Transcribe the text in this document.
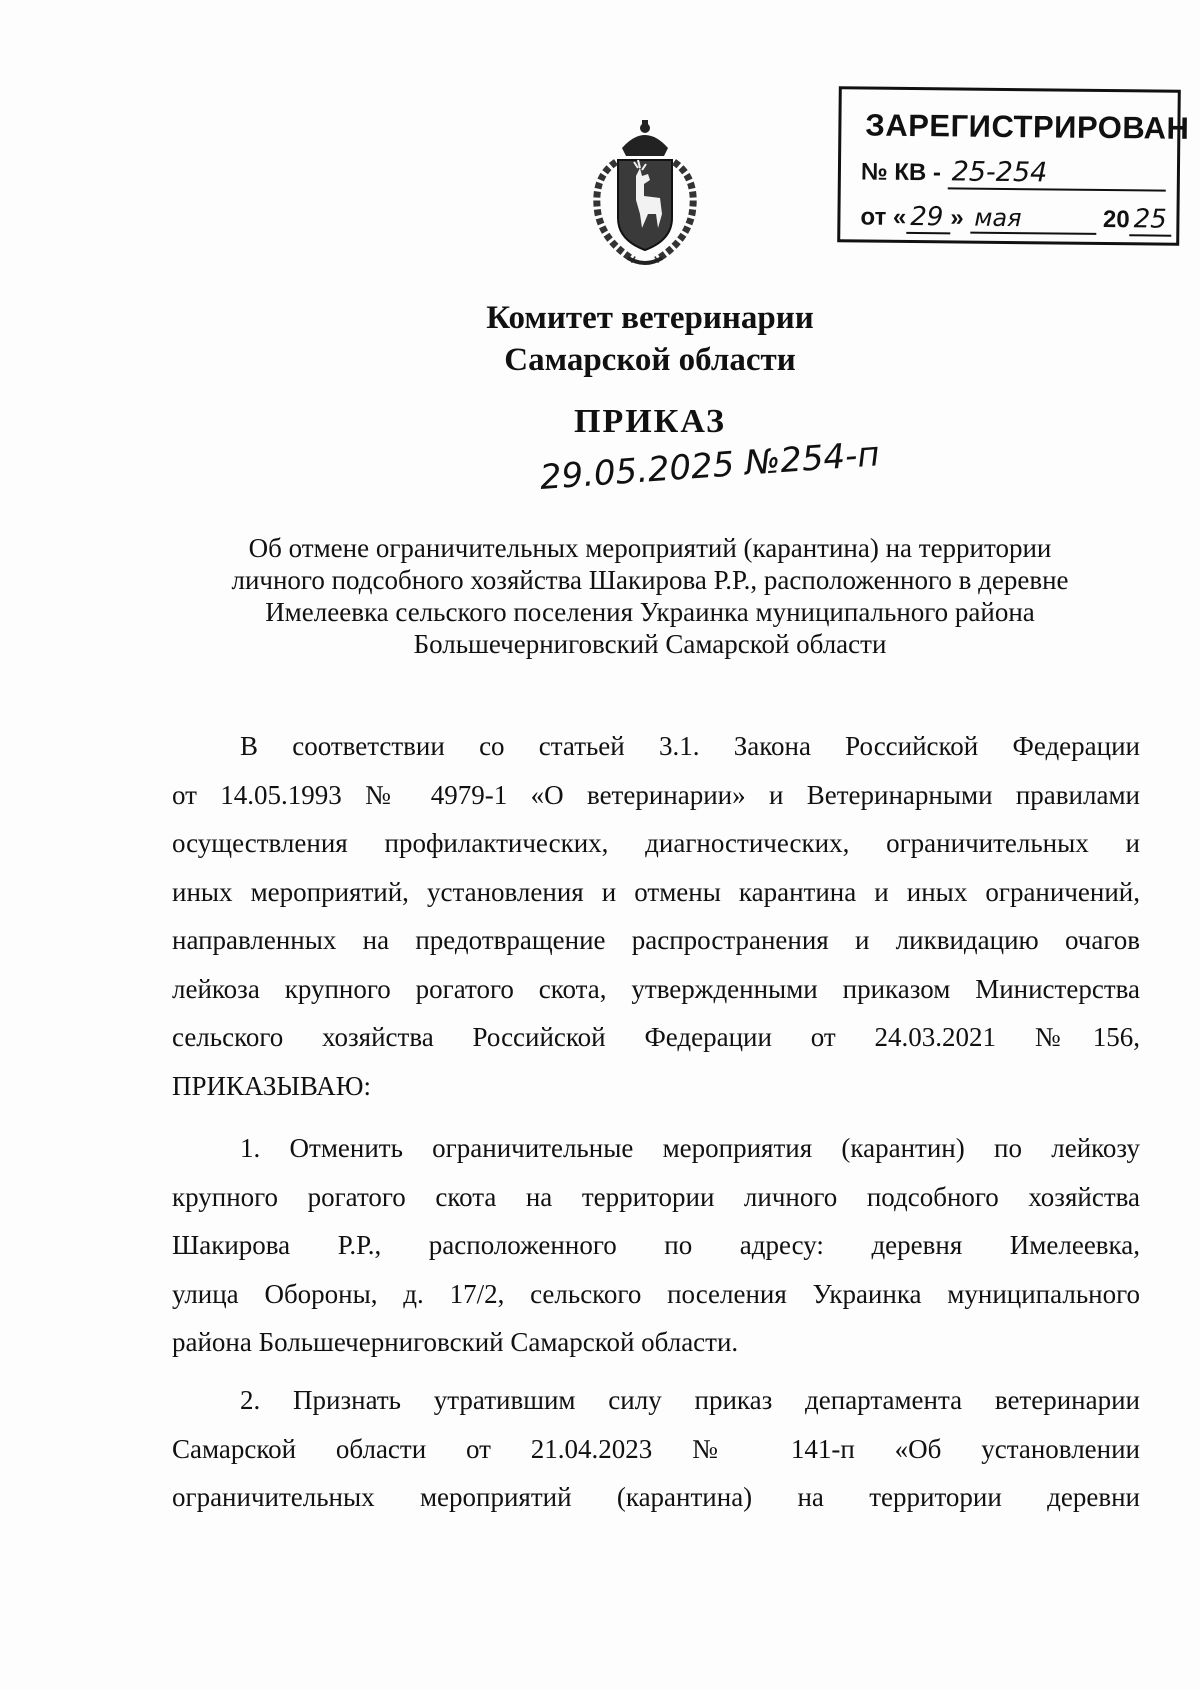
ЗАРЕГИСТРИРОВАН
№ КВ - 25-254
от « 29 » мая	20 25
Комитет ветеринарии
Самарской области
ПРИКАЗ
29.05.2025 №254-п
Об отмене ограничительных мероприятий (карантина) на территории
личного подсобного хозяйства Шакирова Р.Р., расположенного в деревне
Имелеевка сельского поселения Украинка муниципального района
Большечерниговский Самарской области
В соответствии со статьей 3.1. Закона Российской Федерации
от 14.05.1993 № 4979-1 «О ветеринарии» и Ветеринарными правилами
осуществления профилактических, диагностических, ограничительных и
иных мероприятий, установления и отмены карантина и иных ограничений,
направленных на предотвращение распространения и ликвидацию очагов
лейкоза крупного рогатого скота, утвержденными приказом Министерства
сельского хозяйства Российской Федерации от 24.03.2021 №156,
ПРИКАЗЫВАЮ:
1. Отменить ограничительные мероприятия (карантин) по лейкозу
крупного рогатого скота на территории личного подсобного хозяйства
Шакирова Р.Р., расположенного по адресу: деревня Имелеевка,
улица Обороны, д. 17/2, сельского поселения Украинка муниципального
района Большечерниговский Самарской области.
2. Признать утратившим силу приказ департамента ветеринарии
Самарской области от 21.04.2023 № 141-п «Об установлении
ограничительных мероприятий (карантина) на территории деревни
